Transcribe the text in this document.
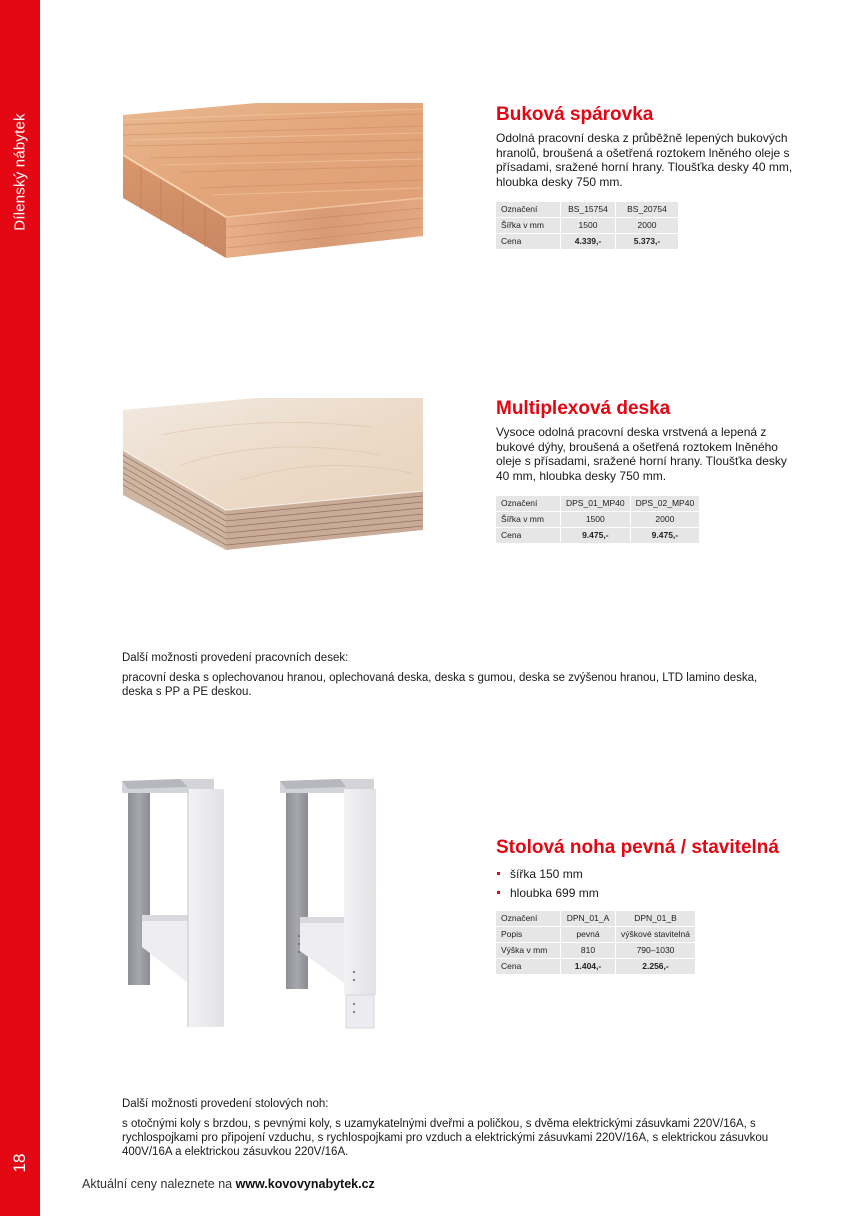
Dílenský nábytek
18
Buková spárovka
Odolná pracovní deska z průběžně lepených bukových hranolů, broušená a ošetřená roztokem lněného oleje s přísadami, sražené horní hrany. Tloušťka desky 40 mm, hloubka desky 750 mm.
Označení	BS_15754	BS_20754
Šířka v mm	1500	2000
Cena	4.339,-	5.373,-
Multiplexová deska
Vysoce odolná pracovní deska vrstvená a lepená z bukové dýhy, broušená a ošetřená roztokem lněného oleje s přísadami, sražené horní hrany. Tloušťka desky 40 mm, hloubka desky 750 mm.
Označení	DPS_01_MP40	DPS_02_MP40
Šířka v mm	1500	2000
Cena	9.475,-	9.475,-
Další možnosti provedení pracovních desek:
pracovní deska s oplechovanou hranou, oplechovaná deska, deska s gumou, deska se zvýšenou hranou, LTD lamino deska, deska s PP a PE deskou.
Stolová noha pevná / stavitelná
šířka 150 mm
hloubka 699 mm
Označení	DPN_01_A	DPN_01_B
Popis	pevná	výškové stavitelná
Výška v mm	810	790–1030
Cena	1.404,-	2.256,-
Další možnosti provedení stolových noh:
s otočnými koly s brzdou, s pevnými koly, s uzamykatelnými dveřmi a poličkou, s dvěma elektrickými zásuvkami 220V/16A, s rychlospojkami pro připojení vzduchu, s rychlospojkami pro vzduch a elektrickými zásuvkami 220V/16A, s elektrickou zásuvkou 400V/16A a elektrickou zásuvkou 220V/16A.
Aktuální ceny naleznete na www.kovovynabytek.cz
